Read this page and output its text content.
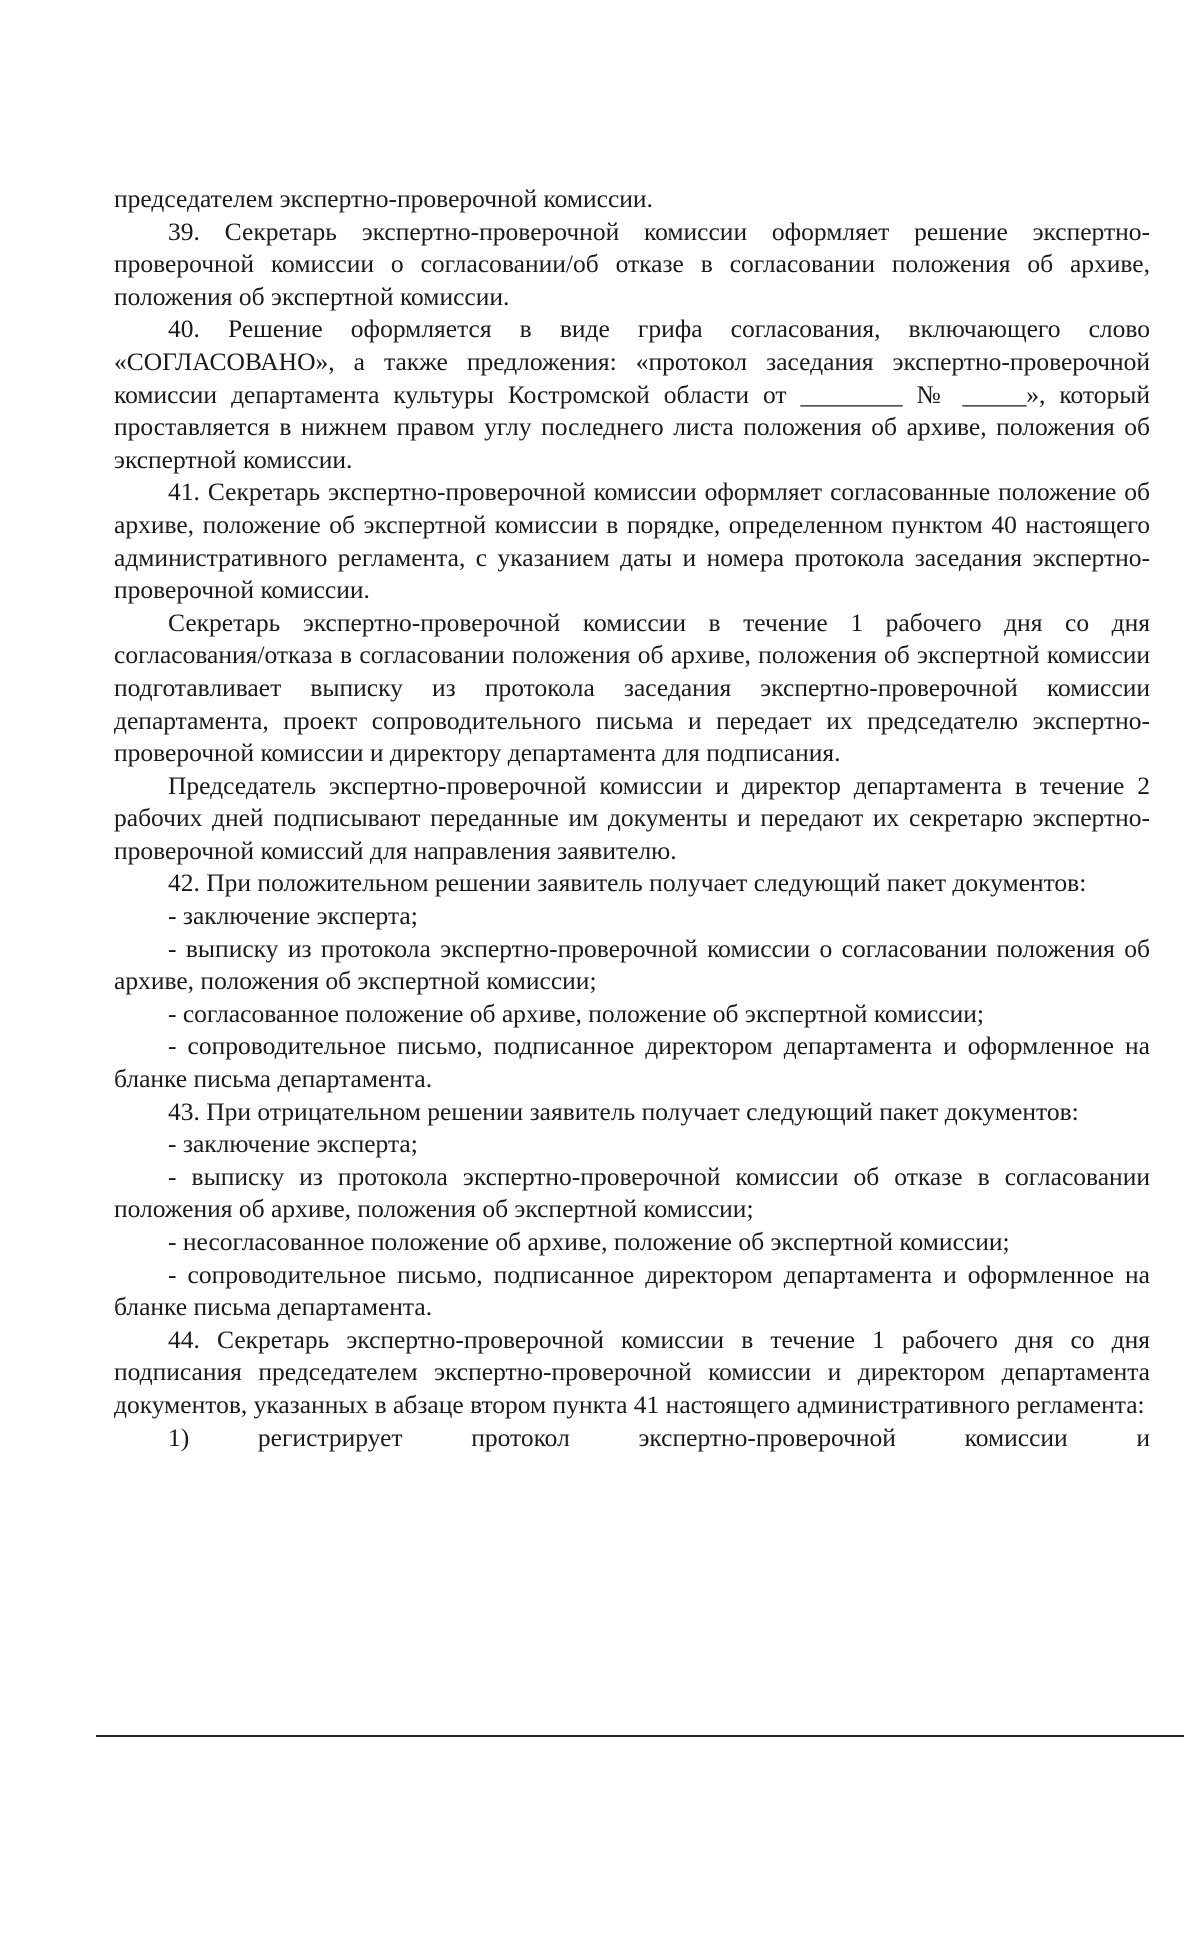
председателем экспертно-проверочной комиссии.

39. Секретарь экспертно-проверочной комиссии оформляет решение экспертно-проверочной комиссии о согласовании/об отказе в согласовании положения об архиве, положения об экспертной комиссии.

40. Решение оформляется в виде грифа согласования, включающего слово «СОГЛАСОВАНО», а также предложения: «протокол заседания экспертно-проверочной комиссии департамента культуры Костромской области от ________ № _____», который проставляется в нижнем правом углу последнего листа положения об архиве, положения об экспертной комиссии.

41. Секретарь экспертно-проверочной комиссии оформляет согласованные положение об архиве, положение об экспертной комиссии в порядке, определенном пунктом 40 настоящего административного регламента, с указанием даты и номера протокола заседания экспертно-проверочной комиссии.

Секретарь экспертно-проверочной комиссии в течение 1 рабочего дня со дня согласования/отказа в согласовании положения об архиве, положения об экспертной комиссии подготавливает выписку из протокола заседания экспертно-проверочной комиссии департамента, проект сопроводительного письма и передает их председателю экспертно-проверочной комиссии и директору департамента для подписания.

Председатель экспертно-проверочной комиссии и директор департамента в течение 2 рабочих дней подписывают переданные им документы и передают их секретарю экспертно-проверочной комиссий для направления заявителю.

42. При положительном решении заявитель получает следующий пакет документов:

- заключение эксперта;

- выписку из протокола экспертно-проверочной комиссии о согласовании положения об архиве, положения об экспертной комиссии;

- согласованное положение об архиве, положение об экспертной комиссии;

- сопроводительное письмо, подписанное директором департамента и оформленное на бланке письма департамента.

43. При отрицательном решении заявитель получает следующий пакет документов:

- заключение эксперта;

- выписку из протокола экспертно-проверочной комиссии об отказе в согласовании положения об архиве, положения об экспертной комиссии;

- несогласованное положение об архиве, положение об экспертной комиссии;

- сопроводительное письмо, подписанное директором департамента и оформленное на бланке письма департамента.

44. Секретарь экспертно-проверочной комиссии в течение 1 рабочего дня со дня подписания председателем экспертно-проверочной комиссии и директором департамента документов, указанных в абзаце втором пункта 41 настоящего административного регламента:

1) регистрирует протокол экспертно-проверочной комиссии и
